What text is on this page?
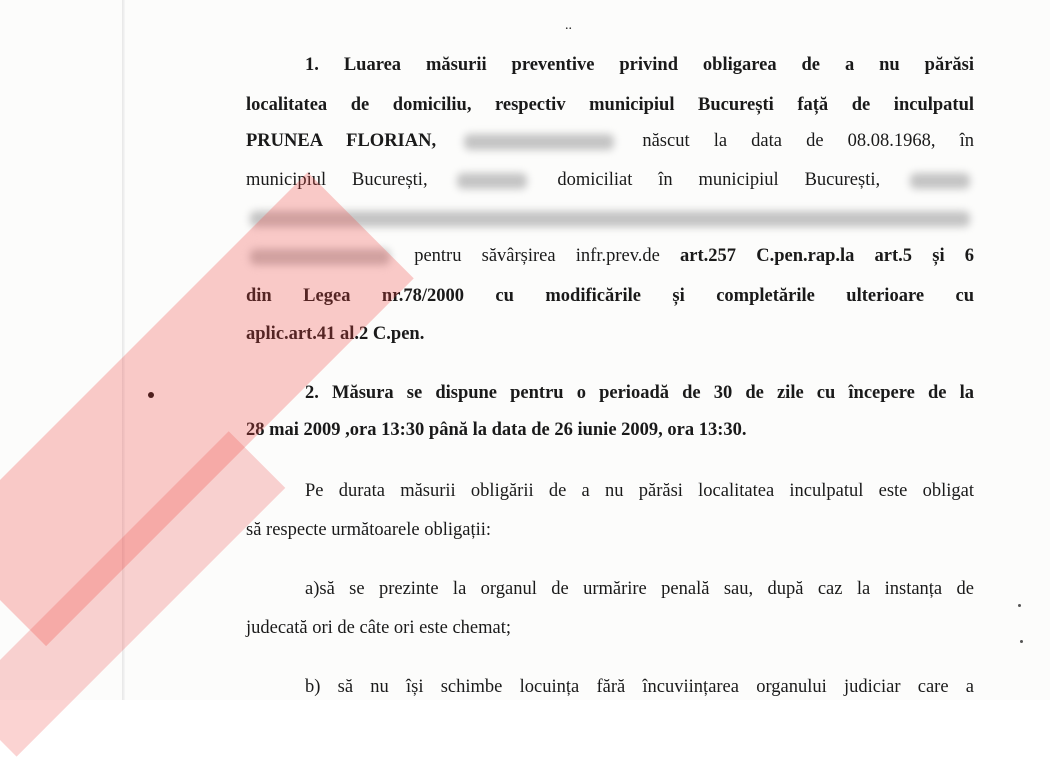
..
1. Luarea măsurii preventive privind obligarea de a nu părăsi
localitatea de domiciliu, respectiv municipiul București față de inculpatul
PRUNEA FLORIAN,	născut la data de 08.08.1968, în
municipiul București,	domiciliat în municipiul București,
pentru săvârșirea infr.prev.de art.257 C.pen.rap.la art.5 și 6
din Legea nr.78/2000 cu modificările și completările ulterioare cu
aplic.art.41 al.2 C.pen.
2. Măsura se dispune pentru o perioadă de 30 de zile cu începere de la
28 mai 2009 ,ora 13:30 până la data de 26 iunie 2009, ora 13:30.
Pe durata măsurii obligării de a nu părăsi localitatea inculpatul este obligat
să respecte următoarele obligații:
a)să se prezinte la organul de urmărire penală sau, după caz la instanța de
judecată ori de câte ori este chemat;
b) să nu își schimbe locuința fără încuviințarea organului judiciar care a
